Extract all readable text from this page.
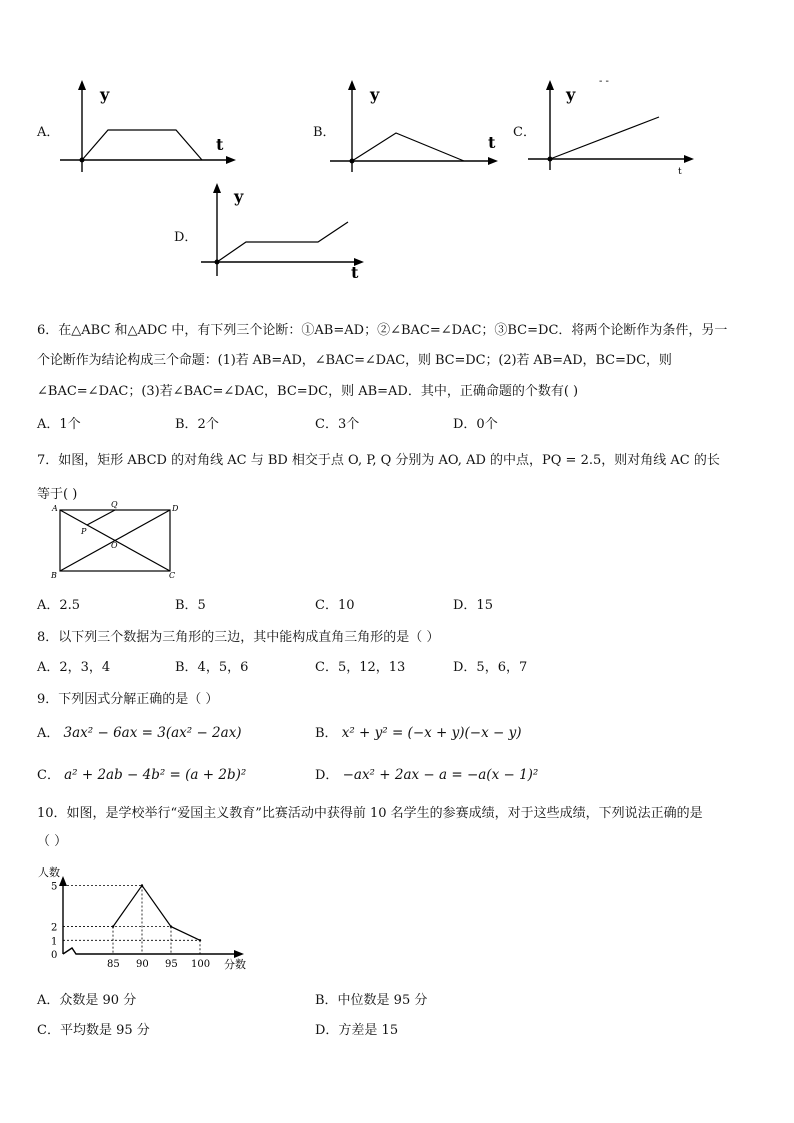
A．
y
t
B．
y
t
C．
y
t
- -
D．
y
t
6．在△ABC 和△ADC 中，有下列三个论断：①AB=AD；②∠BAC=∠DAC；③BC=DC．将两个论断作为条件，另一
个论断作为结论构成三个命题：(1)若 AB=AD，∠BAC=∠DAC，则 BC=DC；(2)若 AB=AD，BC=DC，则
∠BAC=∠DAC；(3)若∠BAC=∠DAC，BC=DC，则 AB=AD．其中，正确命题的个数有( )
A．1个	B．2个	C．3个	D．0个
7．如图，矩形 ABCD 的对角线 AC 与 BD 相交于点 O, P, Q 分别为 AO, AD 的中点，PQ = 2.5，则对角线 AC 的长
等于( )
A	Q	D
P
O
B	C
A．2.5	B．5	C．10	D．15
8．以下列三个数据为三角形的三边，其中能构成直角三角形的是（ ）
A．2，3，4	B．4，5，6	C．5，12，13	D．5，6，7
9．下列因式分解正确的是（ ）
A． 3ax² − 6ax = 3(ax² − 2ax)	B． x² + y² = (−x + y)(−x − y)
C． a² + 2ab − 4b² = (a + 2b)²	D． −ax² + 2ax − a = −a(x − 1)²
10．如图，是学校举行“爱国主义教育”比赛活动中获得前 10 名学生的参赛成绩，对于这些成绩，下列说法正确的是
（ ）
人数
分数
0
1
2
5
85 90 95 100
A．众数是 90 分	B．中位数是 95 分
C．平均数是 95 分	D．方差是 15
